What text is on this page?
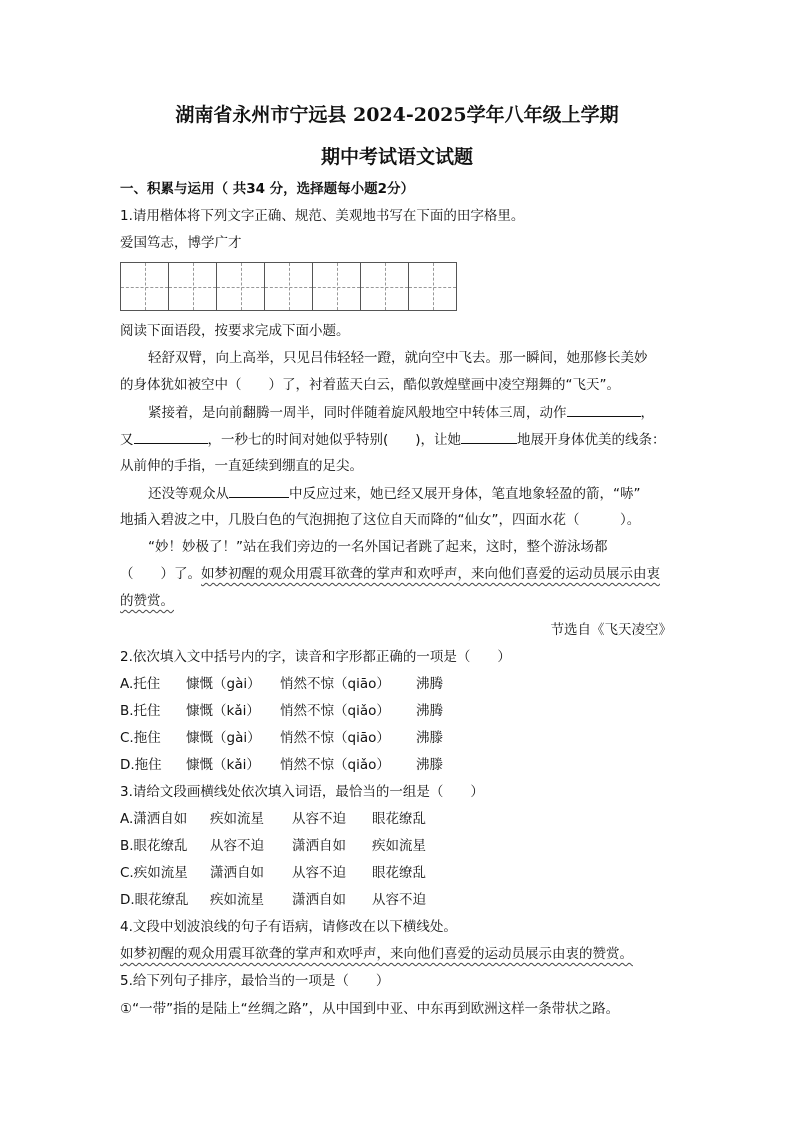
湖南省永州市宁远县 2024-2025学年八年级上学期
期中考试语文试题
一、积累与运用（ 共34 分，选择题每小题2分）
1.请用楷体将下列文字正确、规范、美观地书写在下面的田字格里。
爱国笃志，博学广才
阅读下面语段，按要求完成下面小题。
轻舒双臂，向上高举，只见吕伟轻轻一蹬，就向空中飞去。那一瞬间，她那修长美妙
的身体犹如被空中（　　）了，衬着蓝天白云，酷似敦煌壁画中凌空翔舞的“飞天”。
紧接着，是向前翻腾一周半，同时伴随着旋风般地空中转体三周，动作	，
又	，一秒七的时间对她似乎特别(　　)，让她	地展开身体优美的线条：
从前伸的手指，一直延续到绷直的足尖。
还没等观众从	中反应过来，她已经又展开身体，笔直地象轻盈的箭，“哧”
地插入碧波之中，几股白色的气泡拥抱了这位自天而降的“仙女”，四面水花（　　　）。
“妙！妙极了！”站在我们旁边的一名外国记者跳了起来，这时，整个游泳场都
（　　）了。如梦初醒的观众用震耳欲聋的掌声和欢呼声，来向他们喜爱的运动员展示由衷
的赞赏。
节选自《飞天凌空》
2.依次填入文中括号内的字，读音和字形都正确的一项是（　　）
A.托住 慷慨（gài） 悄然不惊（qiāo） 沸腾
B.托住 慷慨（kǎi） 悄然不惊（qiǎo） 沸腾
C.拖住 慷慨（gài） 悄然不惊（qiāo） 沸滕
D.拖住 慷慨（kǎi） 悄然不惊（qiǎo） 沸滕
3.请给文段画横线处依次填入词语，最恰当的一组是（　　）
A.潇洒自如 疾如流星 从容不迫 眼花缭乱
B.眼花缭乱 从容不迫 潇洒自如 疾如流星
C.疾如流星 潇洒自如 从容不迫 眼花缭乱
D.眼花缭乱 疾如流星 潇洒自如 从容不迫
4.文段中划波浪线的句子有语病，请修改在以下横线处。
如梦初醒的观众用震耳欲聋的掌声和欢呼声，来向他们喜爱的运动员展示由衷的赞赏。
5.给下列句子排序，最恰当的一项是（　　）
①“一带”指的是陆上“丝绸之路”，从中国到中亚、中东再到欧洲这样一条带状之路。
